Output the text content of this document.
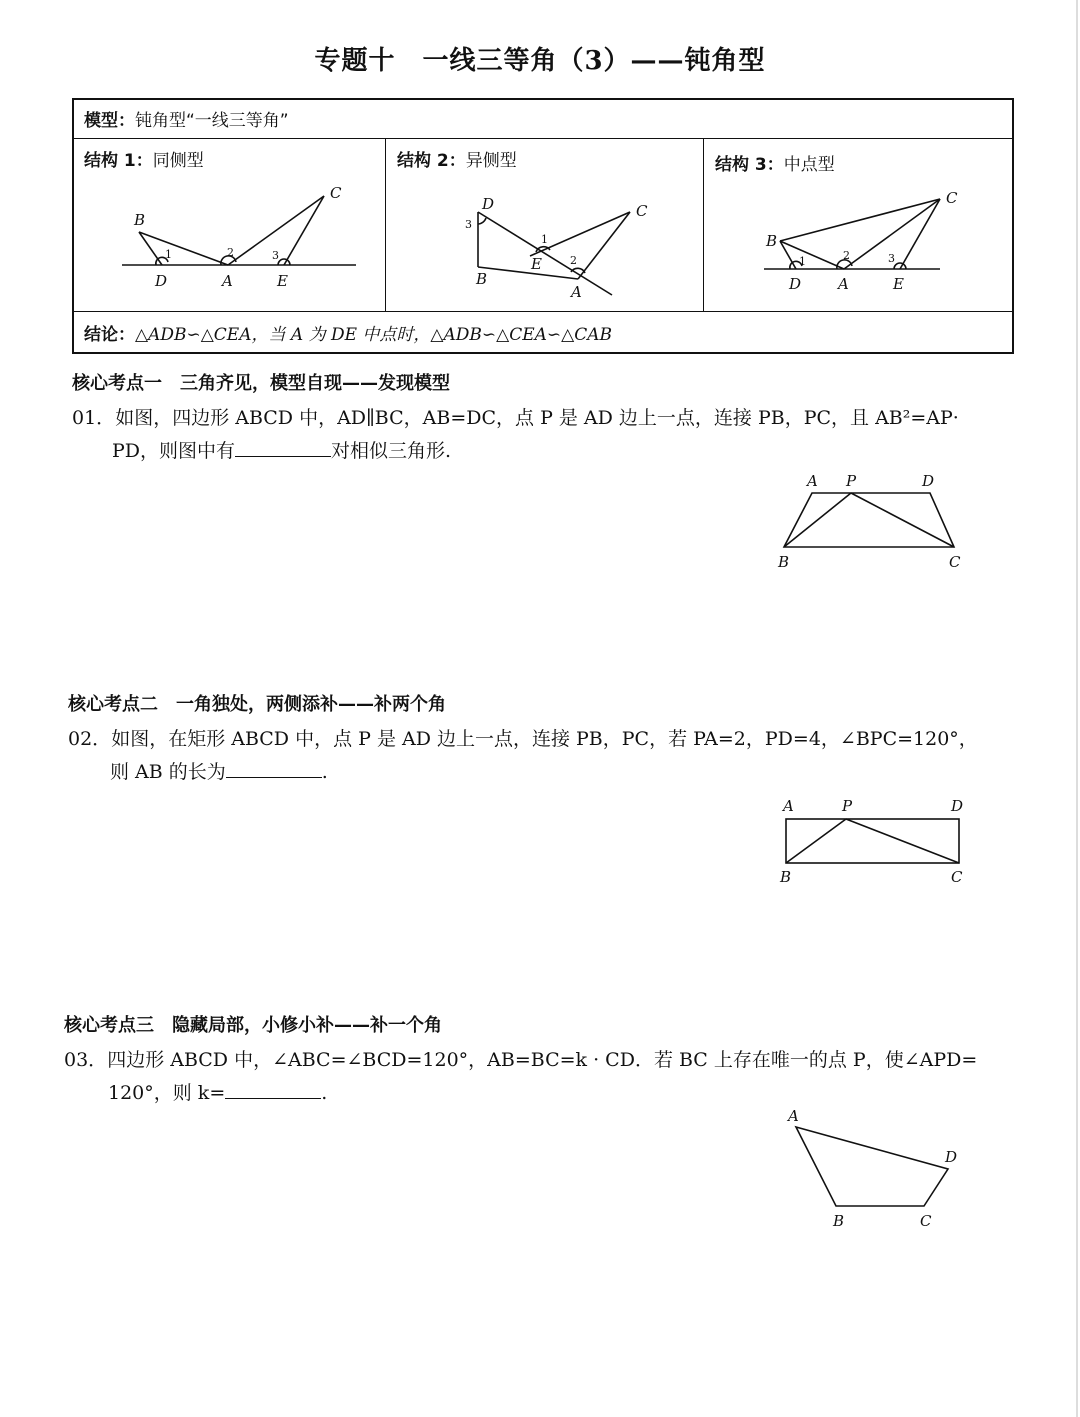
专题十　一线三等角（3）——钝角型
模型：钝角型“一线三等角”
结构 1：同侧型	结构 2：异侧型	结构 3：中点型
结论：△ADB∽△CEA，当 A 为 DE 中点时，△ADB∽△CEA∽△CAB
B
C
D	A	E
1	2	3
D	C
B
E
A
1
2
3
B
C
D A	E
1	2	3
核心考点一　三角齐见，模型自现——发现模型
01．如图，四边形 ABCD 中，AD∥BC，AB=DC，点 P 是 AD 边上一点，连接 PB，PC，且 AB²=AP·
PD，则图中有	对相似三角形.
A P	D
B	C
核心考点二　一角独处，两侧添补——补两个角
02．如图，在矩形 ABCD 中，点 P 是 AD 边上一点，连接 PB，PC，若 PA=2，PD=4，∠BPC=120°，
则 AB 的长为	.
A	P	D
B	C
核心考点三　隐藏局部，小修小补——补一个角
03．四边形 ABCD 中，∠ABC=∠BCD=120°，AB=BC=k · CD．若 BC 上存在唯一的点 P，使∠APD=
120°，则 k=	.
A
D
B	C
